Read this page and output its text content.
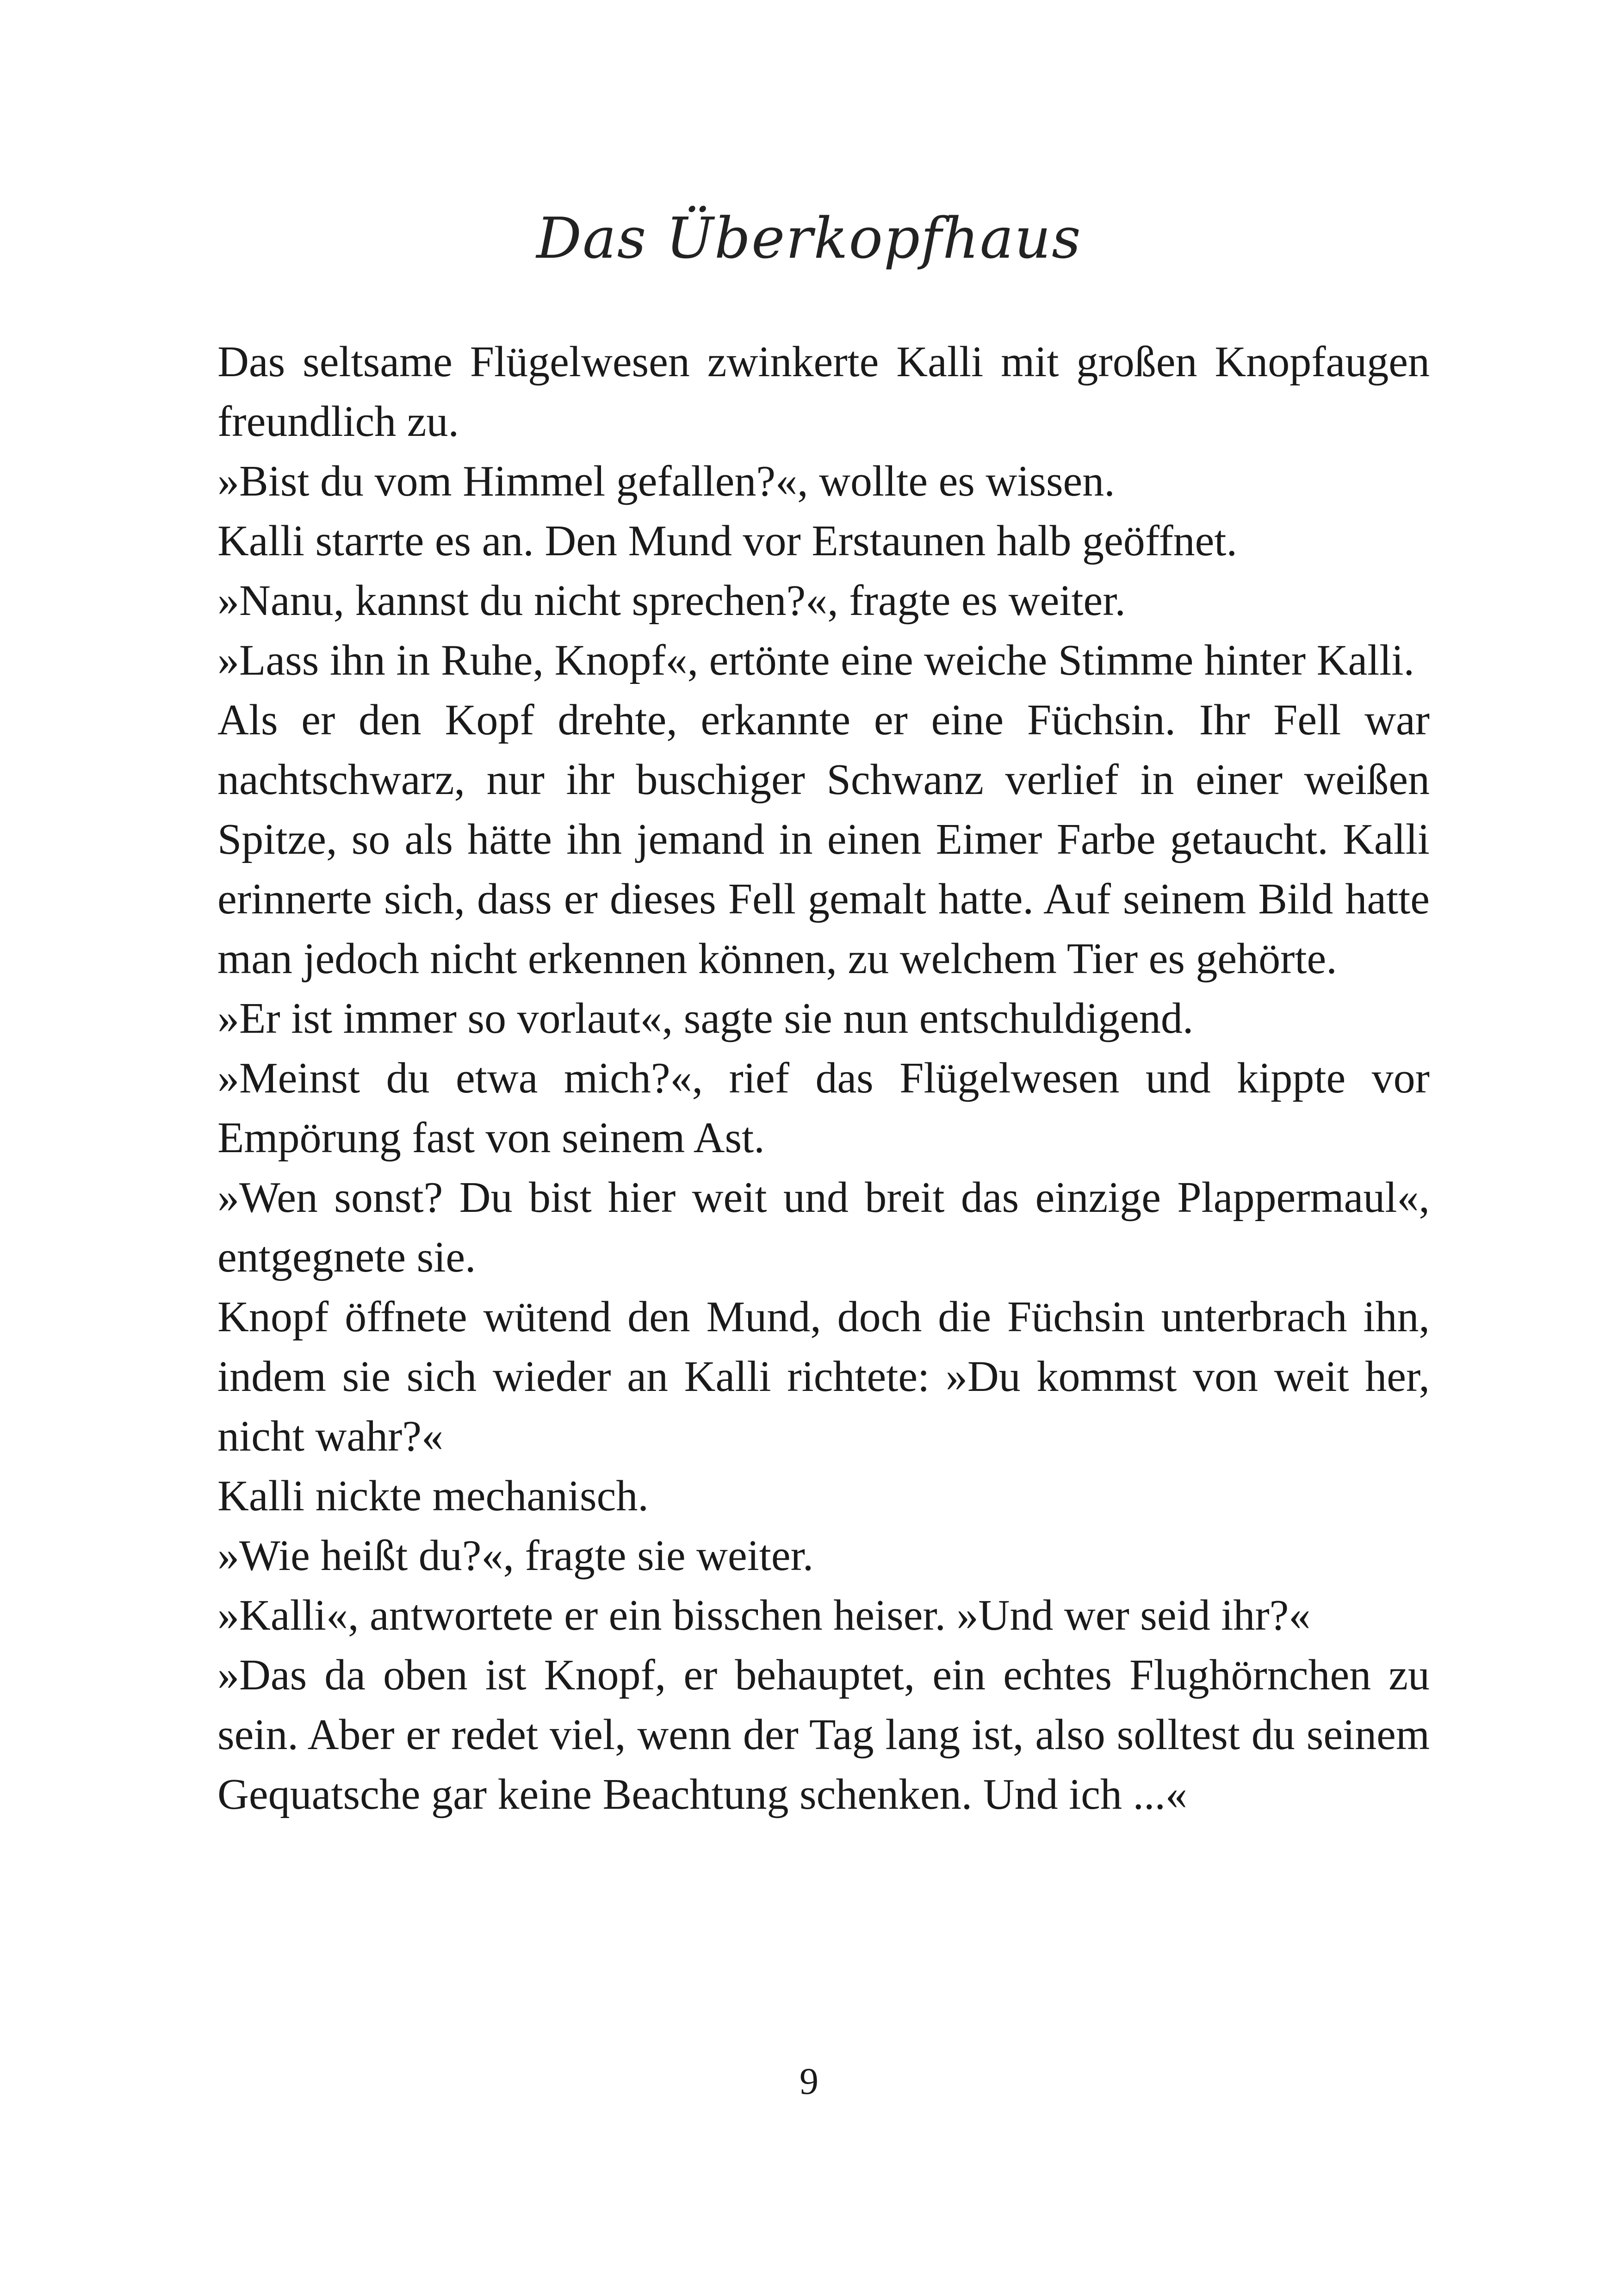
Das Überkopfhaus

Das seltsame Flügelwesen zwinkerte Kalli mit großen Knopfaugen freundlich zu.

»Bist du vom Himmel gefallen?«, wollte es wissen.

Kalli starrte es an. Den Mund vor Erstaunen halb geöffnet.

»Nanu, kannst du nicht sprechen?«, fragte es weiter.

»Lass ihn in Ruhe, Knopf«, ertönte eine weiche Stimme hinter Kalli.

Als er den Kopf drehte, erkannte er eine Füchsin. Ihr Fell war nachtschwarz, nur ihr buschiger Schwanz verlief in einer weißen Spitze, so als hätte ihn jemand in einen Eimer Farbe getaucht. Kalli erinnerte sich, dass er dieses Fell gemalt hatte. Auf seinem Bild hatte man jedoch nicht erkennen können, zu welchem Tier es gehörte.

»Er ist immer so vorlaut«, sagte sie nun entschuldigend.

»Meinst du etwa mich?«, rief das Flügelwesen und kippte vor Empörung fast von seinem Ast.

»Wen sonst? Du bist hier weit und breit das einzige Plappermaul«, entgegnete sie.

Knopf öffnete wütend den Mund, doch die Füchsin unterbrach ihn, indem sie sich wieder an Kalli richtete: »Du kommst von weit her, nicht wahr?«

Kalli nickte mechanisch.

»Wie heißt du?«, fragte sie weiter.

»Kalli«, antwortete er ein bisschen heiser. »Und wer seid ihr?«

»Das da oben ist Knopf, er behauptet, ein echtes Flughörnchen zu sein. Aber er redet viel, wenn der Tag lang ist, also solltest du seinem Gequatsche gar keine Beachtung schenken. Und ich ...«

9
